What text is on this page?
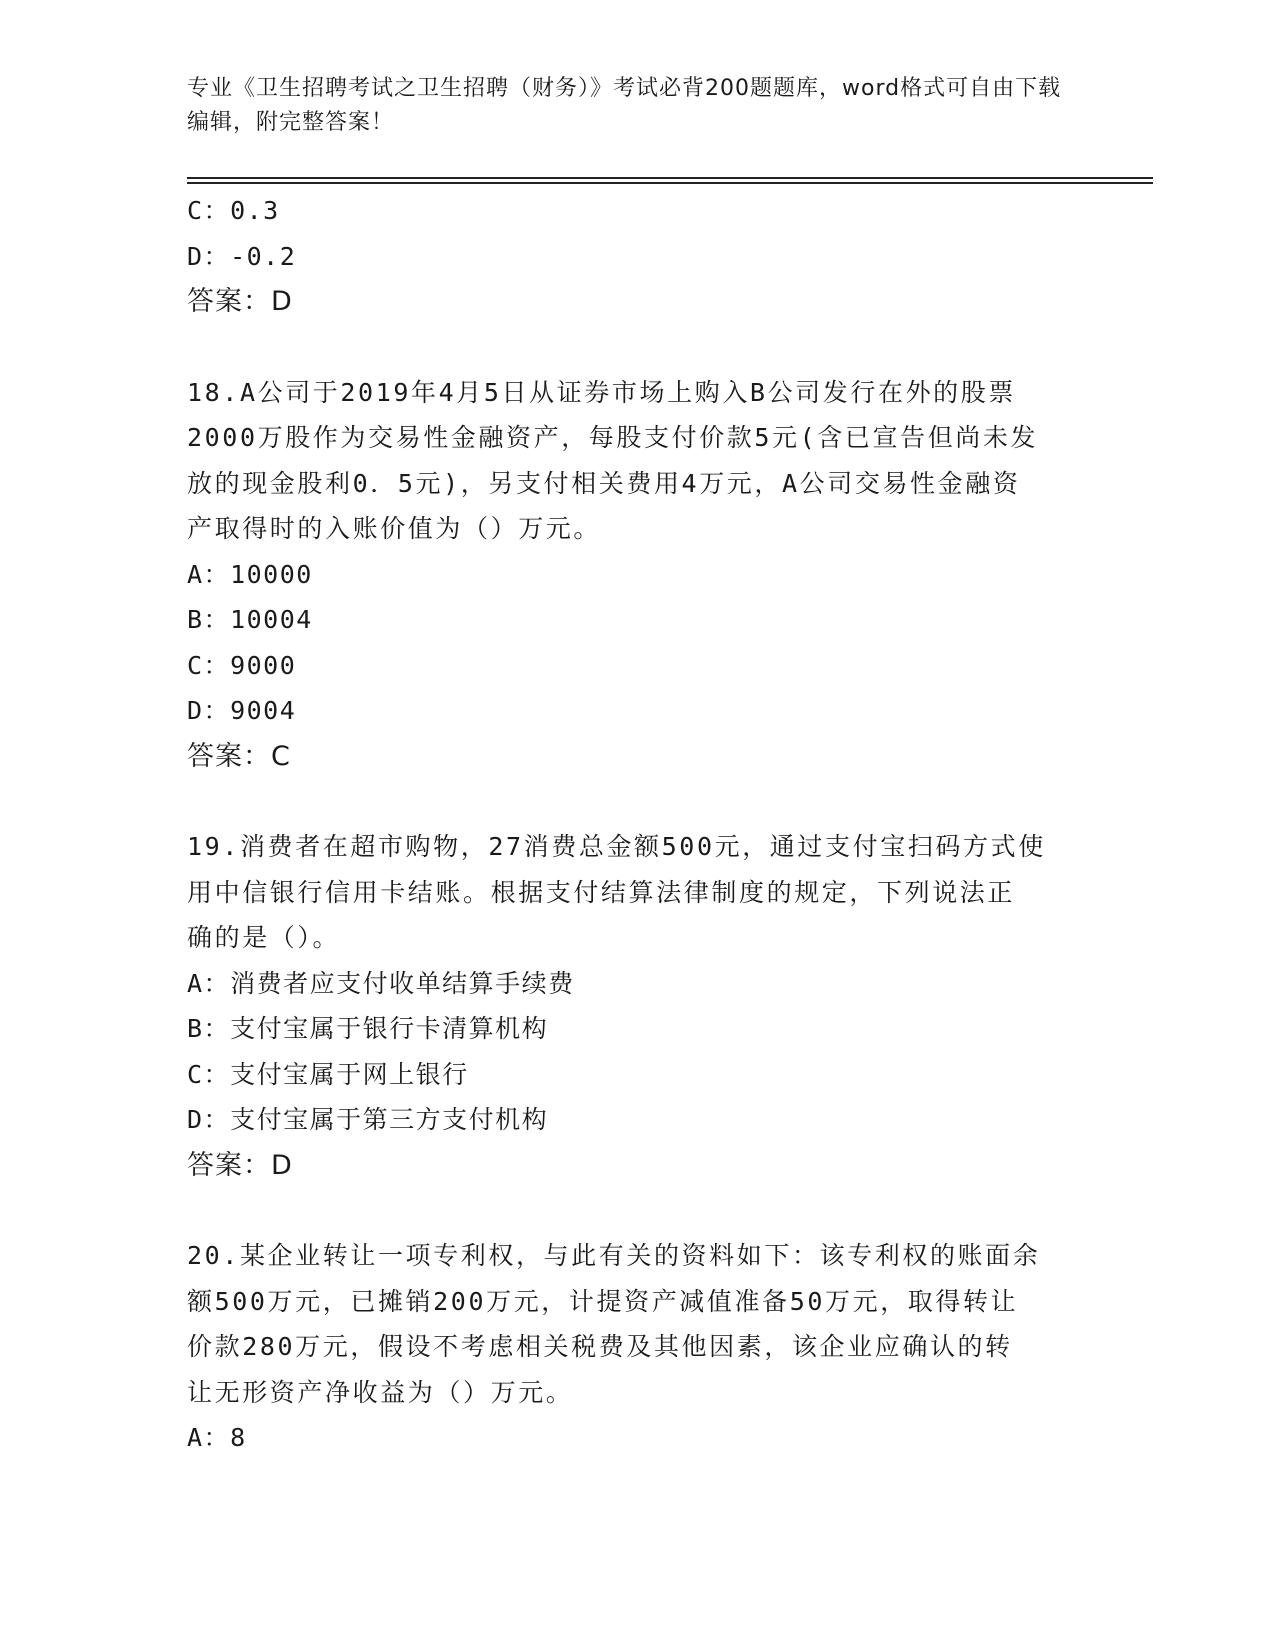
专业《卫生招聘考试之卫生招聘（财务）》考试必背200题题库，word格式可自由下载编辑，附完整答案！
C：0.3
D：-0.2
答案：D
18.A公司于2019年4月5日从证券市场上购入B公司发行在外的股票
2000万股作为交易性金融资产，每股支付价款5元(含已宣告但尚未发
放的现金股利0．5元)，另支付相关费用4万元，A公司交易性金融资
产取得时的入账价值为（）万元。
A：10000
B：10004
C：9000
D：9004
答案：C
19.消费者在超市购物，27消费总金额500元，通过支付宝扫码方式使
用中信银行信用卡结账。根据支付结算法律制度的规定，下列说法正
确的是（）。
A：消费者应支付收单结算手续费
B：支付宝属于银行卡清算机构
C：支付宝属于网上银行
D：支付宝属于第三方支付机构
答案：D
20.某企业转让一项专利权，与此有关的资料如下：该专利权的账面余
额500万元，已摊销200万元，计提资产减值准备50万元，取得转让
价款280万元，假设不考虑相关税费及其他因素，该企业应确认的转
让无形资产净收益为（）万元。
A：8
